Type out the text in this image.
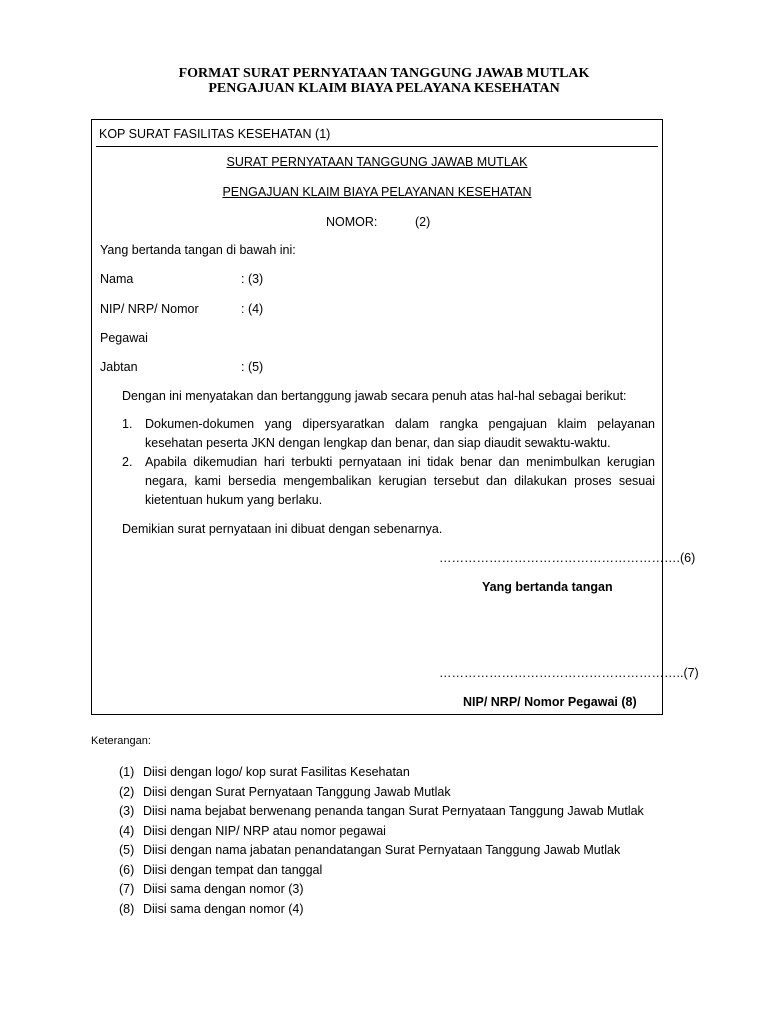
FORMAT SURAT PERNYATAAN TANGGUNG JAWAB MUTLAK
PENGAJUAN KLAIM BIAYA PELAYANA KESEHATAN
KOP SURAT FASILITAS KESEHATAN (1)
SURAT PERNYATAAN TANGGUNG JAWAB MUTLAK
PENGAJUAN KLAIM BIAYA PELAYANAN KESEHATAN
NOMOR:	(2)
Yang bertanda tangan di bawah ini:
Nama	: (3)
NIP/ NRP/ Nomor	: (4)
Pegawai
Jabtan	: (5)
Dengan ini menyatakan dan bertanggung jawab secara penuh atas hal-hal sebagai berikut:
1. Dokumen-dokumen yang dipersyaratkan dalam rangka pengajuan klaim pelayanan kesehatan peserta JKN dengan lengkap dan benar, dan siap diaudit sewaktu-waktu.
2. Apabila dikemudian hari terbukti pernyataan ini tidak benar dan menimbulkan kerugian negara, kami bersedia mengembalikan kerugian tersebut dan dilakukan proses sesuai kietentuan hukum yang berlaku.
Demikian surat pernyataan ini dibuat dengan sebenarnya.
………………………………………………….(6)
Yang bertanda tangan
…………………………………………………..(7)
NIP/ NRP/ Nomor Pegawai (8)
Keterangan:
(1) Diisi dengan logo/ kop surat Fasilitas Kesehatan
(2) Diisi dengan Surat Pernyataan Tanggung Jawab Mutlak
(3) Diisi nama bejabat berwenang penanda tangan Surat Pernyataan Tanggung Jawab Mutlak
(4) Diisi dengan NIP/ NRP atau nomor pegawai
(5) Diisi dengan nama jabatan penandatangan Surat Pernyataan Tanggung Jawab Mutlak
(6) Diisi dengan tempat dan tanggal
(7) Diisi sama dengan nomor (3)
(8) Diisi sama dengan nomor (4)
